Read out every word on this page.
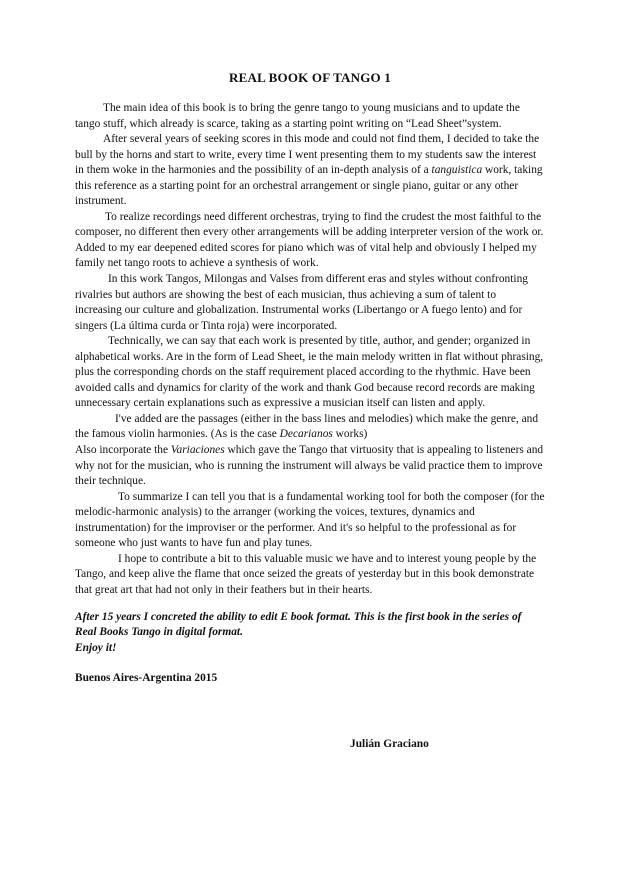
REAL BOOK OF TANGO 1

The main idea of this book is to bring the genre tango to young musicians and to update the tango stuff, which already is scarce, taking as a starting point writing on “Lead Sheet”system.

After several years of seeking scores in this mode and could not find them, I decided to take the bull by the horns and start to write, every time I went presenting them to my students saw the interest in them woke in the harmonies and the possibility of an in-depth analysis of a tanguistica work, taking this reference as a starting point for an orchestral arrangement or single piano, guitar or any other instrument.

To realize recordings need different orchestras, trying to find the crudest the most faithful to the composer, no different then every other arrangements will be adding interpreter version of the work or.

Added to my ear deepened edited scores for piano which was of vital help and obviously I helped my family net tango roots to achieve a synthesis of work.

In this work Tangos, Milongas and Valses from different eras and styles without confronting rivalries but authors are showing the best of each musician, thus achieving a sum of talent to increasing our culture and globalization. Instrumental works (Libertango or A fuego lento) and for singers (La última curda or Tinta roja) were incorporated.

Technically, we can say that each work is presented by title, author, and gender; organized in alphabetical works. Are in the form of Lead Sheet, ie the main melody written in flat without phrasing, plus the corresponding chords on the staff requirement placed according to the rhythmic. Have been avoided calls and dynamics for clarity of the work and thank God because record records are making unnecessary certain explanations such as expressive a musician itself can listen and apply.

I've added are the passages (either in the bass lines and melodies) which make the genre, and the famous violin harmonies. (As is the case Decarianos works)

Also incorporate the Variaciones which gave the Tango that virtuosity that is appealing to listeners and why not for the musician, who is running the instrument will always be valid practice them to improve their technique.

To summarize I can tell you that is a fundamental working tool for both the composer (for the melodic-harmonic analysis) to the arranger (working the voices, textures, dynamics and instrumentation) for the improviser or the performer. And it's so helpful to the professional as for someone who just wants to have fun and play tunes.

I hope to contribute a bit to this valuable music we have and to interest young people by the Tango, and keep alive the flame that once seized the greats of yesterday but in this book demonstrate that great art that had not only in their feathers but in their hearts.

After 15 years I concreted the ability to edit E book format. This is the first book in the series of Real Books Tango in digital format.
Enjoy it!

Buenos Aires-Argentina 2015

Julián Graciano
